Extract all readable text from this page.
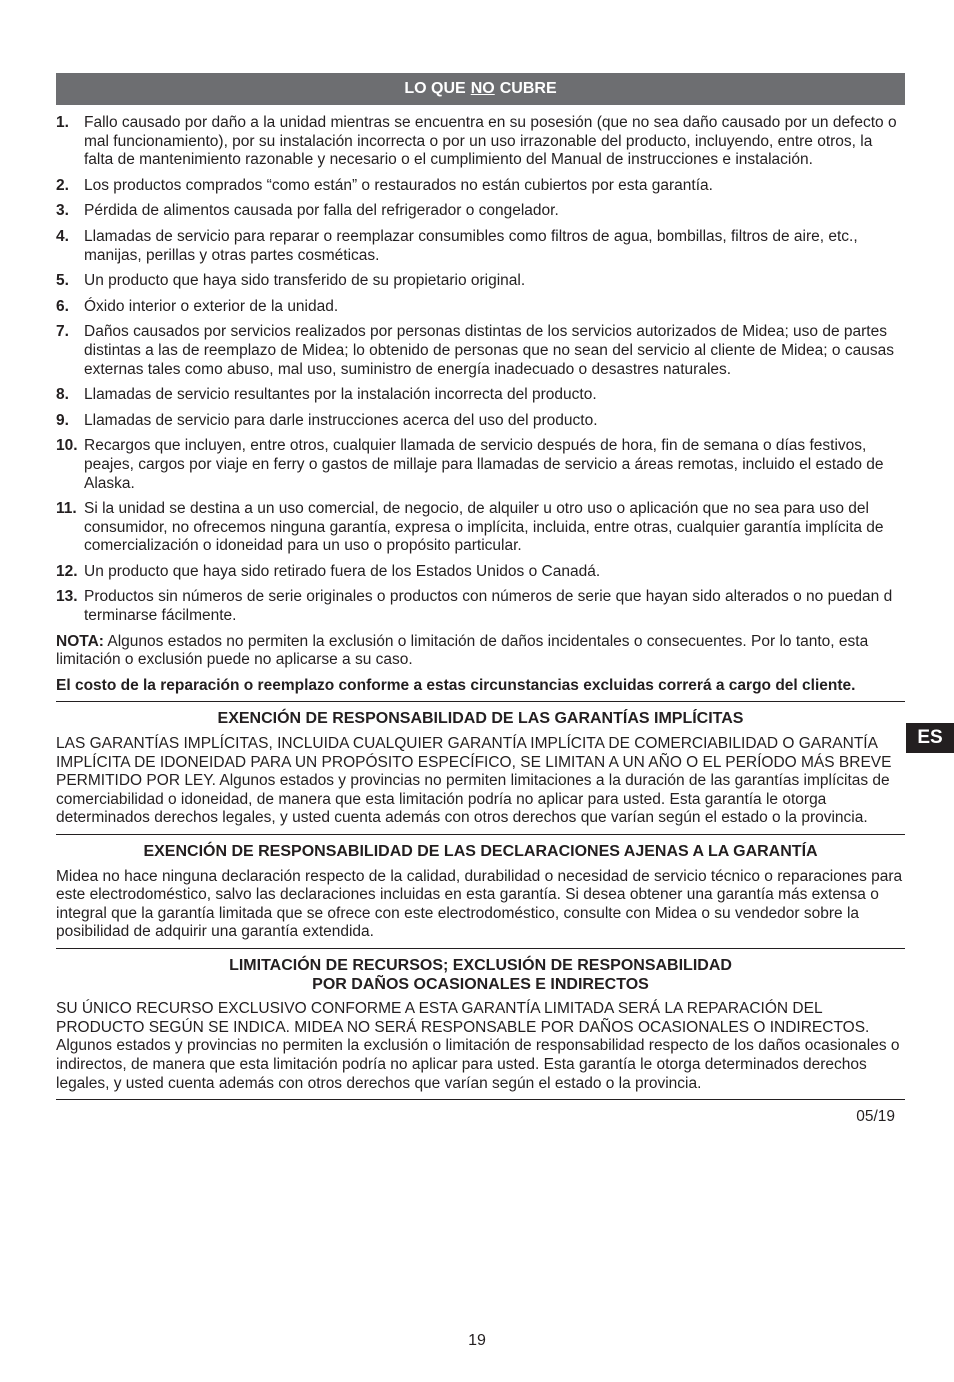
LO QUE NO CUBRE
1. Fallo causado por daño a la unidad mientras se encuentra en su posesión (que no sea daño causado por un defecto o mal funcionamiento), por su instalación incorrecta o por un uso irrazonable del producto, incluyendo, entre otros, la falta de mantenimiento razonable y necesario o el cumplimiento del Manual de instrucciones e instalación.
2. Los productos comprados “como están” o restaurados no están cubiertos por esta garantía.
3. Pérdida de alimentos causada por falla del refrigerador o congelador.
4. Llamadas de servicio para reparar o reemplazar consumibles como filtros de agua, bombillas, filtros de aire, etc., manijas, perillas y otras partes cosméticas.
5. Un producto que haya sido transferido de su propietario original.
6. Óxido interior o exterior de la unidad.
7. Daños causados por servicios realizados por personas distintas de los servicios autorizados de Midea; uso de partes distintas a las de reemplazo de Midea; lo obtenido de personas que no sean del servicio al cliente de Midea; o causas externas tales como abuso, mal uso, suministro de energía inadecuado o desastres naturales.
8. Llamadas de servicio resultantes por la instalación incorrecta del producto.
9. Llamadas de servicio para darle instrucciones acerca del uso del producto.
10. Recargos que incluyen, entre otros, cualquier llamada de servicio después de hora, fin de semana o días festivos, peajes, cargos por viaje en ferry o gastos de millaje para llamadas de servicio a áreas remotas, incluido el estado de Alaska.
11. Si la unidad se destina a un uso comercial, de negocio, de alquiler u otro uso o aplicación que no sea para uso del consumidor, no ofrecemos ninguna garantía, expresa o implícita, incluida, entre otras, cualquier garantía implícita de comercialización o idoneidad para un uso o propósito particular.
12. Un producto que haya sido retirado fuera de los Estados Unidos o Canadá.
13. Productos sin números de serie originales o productos con números de serie que hayan sido alterados o no puedan d terminarse fácilmente.
NOTA: Algunos estados no permiten la exclusión o limitación de daños incidentales o consecuentes. Por lo tanto, esta limitación o exclusión puede no aplicarse a su caso.
El costo de la reparación o reemplazo conforme a estas circunstancias excluidas correrá a cargo del cliente.
EXENCIÓN DE RESPONSABILIDAD DE LAS GARANTÍAS IMPLÍCITAS
LAS GARANTÍAS IMPLÍCITAS, INCLUIDA CUALQUIER GARANTÍA IMPLÍCITA DE COMERCIABILIDAD O GARANTÍA IMPLÍCITA DE IDONEIDAD PARA UN PROPÓSITO ESPECÍFICO, SE LIMITAN A UN AÑO O EL PERÍODO MÁS BREVE PERMITIDO POR LEY. Algunos estados y provincias no permiten limitaciones a la duración de las garantías implícitas de comerciabilidad o idoneidad, de manera que esta limitación podría no aplicar para usted. Esta garantía le otorga determinados derechos legales, y usted cuenta además con otros derechos que varían según el estado o la provincia.
EXENCIÓN DE RESPONSABILIDAD DE LAS DECLARACIONES AJENAS A LA GARANTÍA
Midea no hace ninguna declaración respecto de la calidad, durabilidad o necesidad de servicio técnico o reparaciones para este electrodoméstico, salvo las declaraciones incluidas en esta garantía. Si desea obtener una garantía más extensa o integral que la garantía limitada que se ofrece con este electrodoméstico, consulte con Midea o su vendedor sobre la posibilidad de adquirir una garantía extendida.
LIMITACIÓN DE RECURSOS; EXCLUSIÓN DE RESPONSABILIDAD
POR DAÑOS OCASIONALES E INDIRECTOS
SU ÚNICO RECURSO EXCLUSIVO CONFORME A ESTA GARANTÍA LIMITADA SERÁ LA REPARACIÓN DEL PRODUCTO SEGÚN SE INDICA. MIDEA NO SERÁ RESPONSABLE POR DAÑOS OCASIONALES O INDIRECTOS. Algunos estados y provincias no permiten la exclusión o limitación de responsabilidad respecto de los daños ocasionales o indirectos, de manera que esta limitación podría no aplicar para usted. Esta garantía le otorga determinados derechos legales, y usted cuenta además con otros derechos que varían según el estado o la provincia.
05/19
ES
19
